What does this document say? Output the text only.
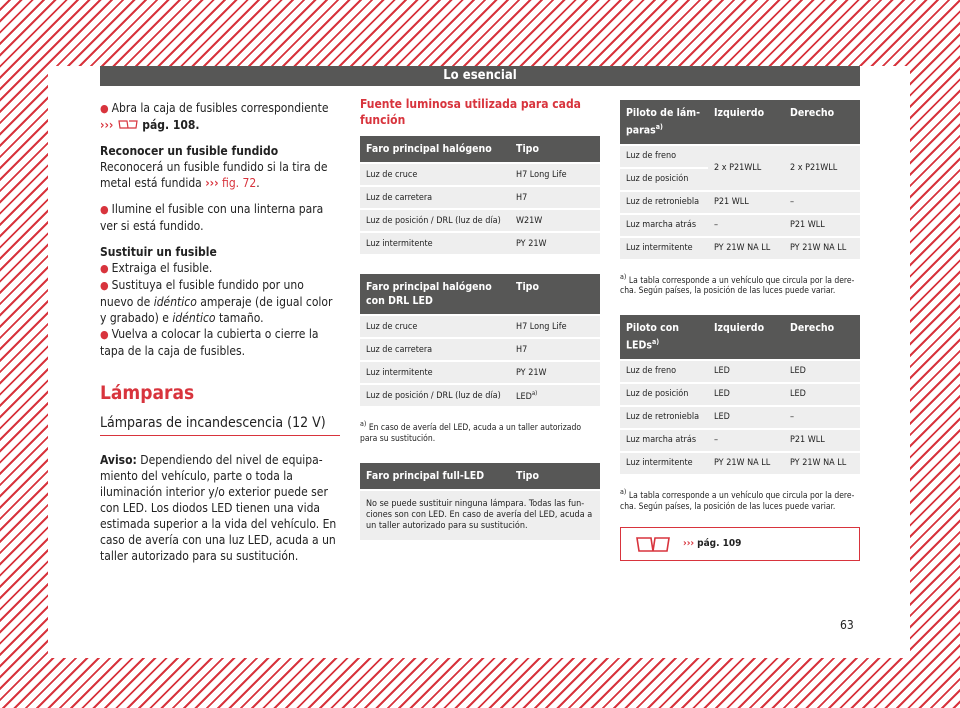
Lo esencial

● Abra la caja de fusibles correspondiente
››› pág. 108.

Reconocer un fusible fundido
Reconocerá un fusible fundido si la tira de metal está fundida ››› fig. 72.

● Ilumine el fusible con una linterna para ver si está fundido.

Sustituir un fusible
● Extraiga el fusible.
● Sustituya el fusible fundido por uno nuevo de idéntico amperaje (de igual color y grabado) e idéntico tamaño.
● Vuelva a colocar la cubierta o cierre la tapa de la caja de fusibles.

Lámparas
Lámparas de incandescencia (12 V)

Aviso: Dependiendo del nivel de equipamiento del vehículo, parte o toda la iluminación interior y/o exterior puede ser con LED. Los diodos LED tienen una vida estimada superior a la vida del vehículo. En caso de avería con una luz LED, acuda a un taller autorizado para su sustitución.

Fuente luminosa utilizada para cada función
Faro principal halógeno	Tipo
Luz de cruce	H7 Long Life
Luz de carretera	H7
Luz de posición / DRL (luz de día)	W21W
Luz intermitente	PY 21W
Faro principal halógeno con DRL LED	Tipo
Luz de cruce	H7 Long Life
Luz de carretera	H7
Luz intermitente	PY 21W
Luz de posición / DRL (luz de día)	LED$^{a)}$
$^{a)}$ En caso de avería del LED, acuda a un taller autorizado para su sustitución.
Faro principal full-LED	Tipo
No se puede sustituir ninguna lámpara. Todas las funciones son con LED. En caso de avería del LED, acuda a un taller autorizado para su sustitución.
Piloto de lámparas$^{a)}$	Izquierdo	Derecho
Luz de freno	2 x P21WLL	2 x P21WLL
Luz de posición		
Luz de retroniebla	P21 WLL	–
Luz marcha atrás	–	P21 WLL
Luz intermitente	PY 21W NA LL	PY 21W NA LL
$^{a)}$ La tabla corresponde a un vehículo que circula por la derecha. Según países, la posición de las luces puede variar.
Piloto con LEDs$^{a)}$	Izquierdo	Derecho
Luz de freno	LED	LED
Luz de posición	LED	LED
Luz de retroniebla	LED	–
Luz marcha atrás	–	P21 WLL
Luz intermitente	PY 21W NA LL	PY 21W NA LL
$^{a)}$ La tabla corresponde a un vehículo que circula por la derecha. Según países, la posición de las luces puede variar.
››› pág. 109
63
